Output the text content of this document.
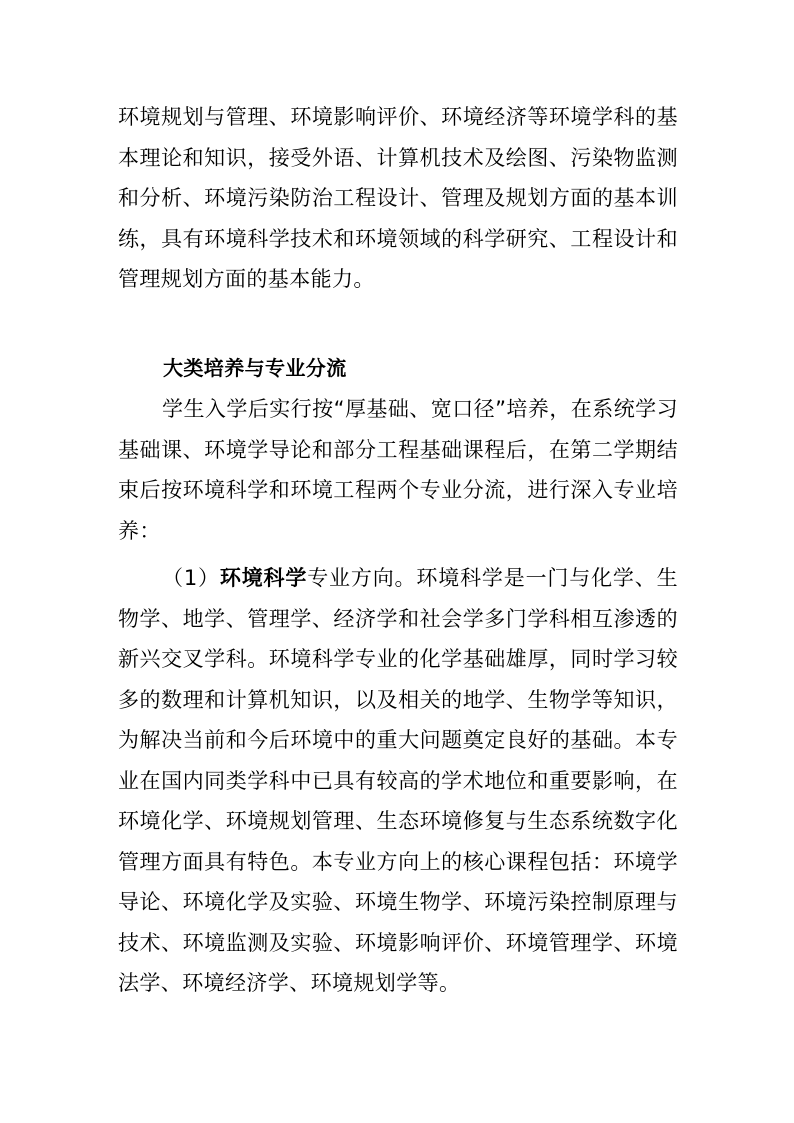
环境规划与管理、环境影响评价、环境经济等环境学科的基本理论和知识，接受外语、计算机技术及绘图、污染物监测和分析、环境污染防治工程设计、管理及规划方面的基本训练，具有环境科学技术和环境领域的科学研究、工程设计和管理规划方面的基本能力。

大类培养与专业分流

学生入学后实行按“厚基础、宽口径”培养，在系统学习基础课、环境学导论和部分工程基础课程后，在第二学期结束后按环境科学和环境工程两个专业分流，进行深入专业培养：

（1）环境科学专业方向。环境科学是一门与化学、生物学、地学、管理学、经济学和社会学多门学科相互渗透的新兴交叉学科。环境科学专业的化学基础雄厚，同时学习较多的数理和计算机知识，以及相关的地学、生物学等知识，为解决当前和今后环境中的重大问题奠定良好的基础。本专业在国内同类学科中已具有较高的学术地位和重要影响，在环境化学、环境规划管理、生态环境修复与生态系统数字化管理方面具有特色。本专业方向上的核心课程包括：环境学导论、环境化学及实验、环境生物学、环境污染控制原理与技术、环境监测及实验、环境影响评价、环境管理学、环境法学、环境经济学、环境规划学等。
